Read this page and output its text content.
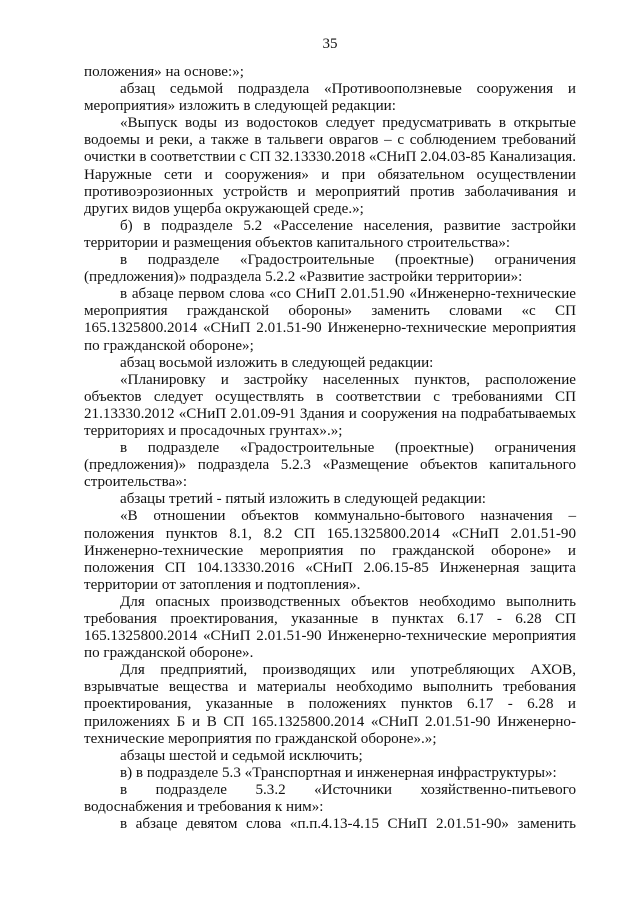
35

положения» на основе:»;

абзац седьмой подраздела «Противооползневые сооружения и мероприятия» изложить в следующей редакции:

«Выпуск воды из водостоков следует предусматривать в открытые водоемы и реки, а также в тальвеги оврагов – с соблюдением требований очистки в соответствии с СП 32.13330.2018 «СНиП 2.04.03-85 Канализация. Наружные сети и сооружения» и при обязательном осуществлении противоэрозионных устройств и мероприятий против заболачивания и других видов ущерба окружающей среде.»;

б) в подразделе 5.2 «Расселение населения, развитие застройки территории и размещения объектов капитального строительства»:

в подразделе «Градостроительные (проектные) ограничения (предложения)» подраздела 5.2.2 «Развитие застройки территории»:

в абзаце первом слова «со СНиП 2.01.51.90 «Инженерно-технические мероприятия гражданской обороны» заменить словами «с СП 165.1325800.2014 «СНиП 2.01.51-90 Инженерно-технические мероприятия по гражданской обороне»;

абзац восьмой изложить в следующей редакции:

«Планировку и застройку населенных пунктов, расположение объектов следует осуществлять в соответствии с требованиями СП 21.13330.2012 «СНиП 2.01.09-91 Здания и сооружения на подрабатываемых территориях и просадочных грунтах».»;

в подразделе «Градостроительные (проектные) ограничения (предложения)» подраздела 5.2.3 «Размещение объектов капитального строительства»:

абзацы третий - пятый изложить в следующей редакции:

«В отношении объектов коммунально-бытового назначения – положения пунктов 8.1, 8.2 СП 165.1325800.2014 «СНиП 2.01.51-90 Инженерно-технические мероприятия по гражданской обороне» и положения СП 104.13330.2016 «СНиП 2.06.15-85 Инженерная защита территории от затопления и подтопления».

Для опасных производственных объектов необходимо выполнить требования проектирования, указанные в пунктах 6.17 - 6.28 СП 165.1325800.2014 «СНиП 2.01.51-90 Инженерно-технические мероприятия по гражданской обороне».

Для предприятий, производящих или употребляющих АХОВ, взрывчатые вещества и материалы необходимо выполнить требования проектирования, указанные в положениях пунктов 6.17 - 6.28 и приложениях Б и В СП 165.1325800.2014 «СНиП 2.01.51-90 Инженерно-технические мероприятия по гражданской обороне».»;

абзацы шестой и седьмой исключить;

в) в подразделе 5.3 «Транспортная и инженерная инфраструктуры»:

в подразделе 5.3.2 «Источники хозяйственно-питьевого водоснабжения и требования к ним»:

в абзаце девятом слова «п.п.4.13-4.15 СНиП 2.01.51-90» заменить
